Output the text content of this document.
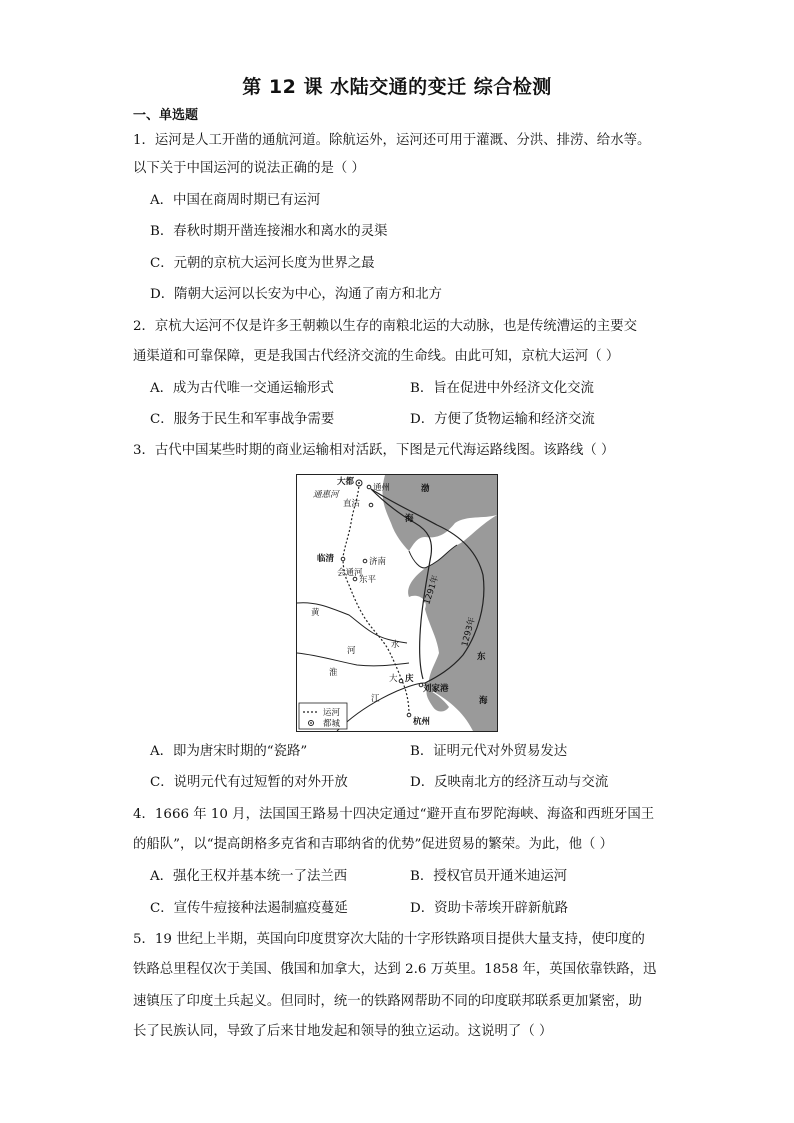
第 12 课 水陆交通的变迁 综合检测
一、单选题
1．运河是人工开凿的通航河道。除航运外，运河还可用于灌溉、分洪、排涝、给水等。
以下关于中国运河的说法正确的是（ ）
A．中国在商周时期已有运河
B．春秋时期开凿连接湘水和离水的灵渠
C．元朝的京杭大运河长度为世界之最
D．隋朝大运河以长安为中心，沟通了南方和北方
2．京杭大运河不仅是许多王朝赖以生存的南粮北运的大动脉，也是传统漕运的主要交
通渠道和可靠保障，更是我国古代经济交流的生命线。由此可知，京杭大运河（ ）
A．成为古代唯一交通运输形式	B．旨在促进中外经济文化交流
C．服务于民生和军事战争需要	D．方便了货物运输和经济交流
3．古代中国某些时期的商业运输相对活跃，下图是元代海运路线图。该路线（ ）
大都
通州
通惠河
直沽
渤
海
临清	济南
会通河
东平
黄
河
淮
水
大
江
庆
刘家港
杭州
东
海
1291年
1293年
运河
都城
A．即为唐宋时期的“瓷路”	B．证明元代对外贸易发达
C．说明元代有过短暂的对外开放	D．反映南北方的经济互动与交流
4．1666 年 10 月，法国国王路易十四决定通过“避开直布罗陀海峡、海盗和西班牙国王
的船队”，以“提高朗格多克省和吉耶纳省的优势”促进贸易的繁荣。为此，他（ ）
A．强化王权并基本统一了法兰西	B．授权官员开通米迪运河
C．宣传牛痘接种法遏制瘟疫蔓延	D．资助卡蒂埃开辟新航路
5．19 世纪上半期，英国向印度贯穿次大陆的十字形铁路项目提供大量支持，使印度的
铁路总里程仅次于美国、俄国和加拿大，达到 2.6 万英里。1858 年，英国依靠铁路，迅
速镇压了印度土兵起义。但同时，统一的铁路网帮助不同的印度联邦联系更加紧密，助
长了民族认同，导致了后来甘地发起和领导的独立运动。这说明了（ ）
